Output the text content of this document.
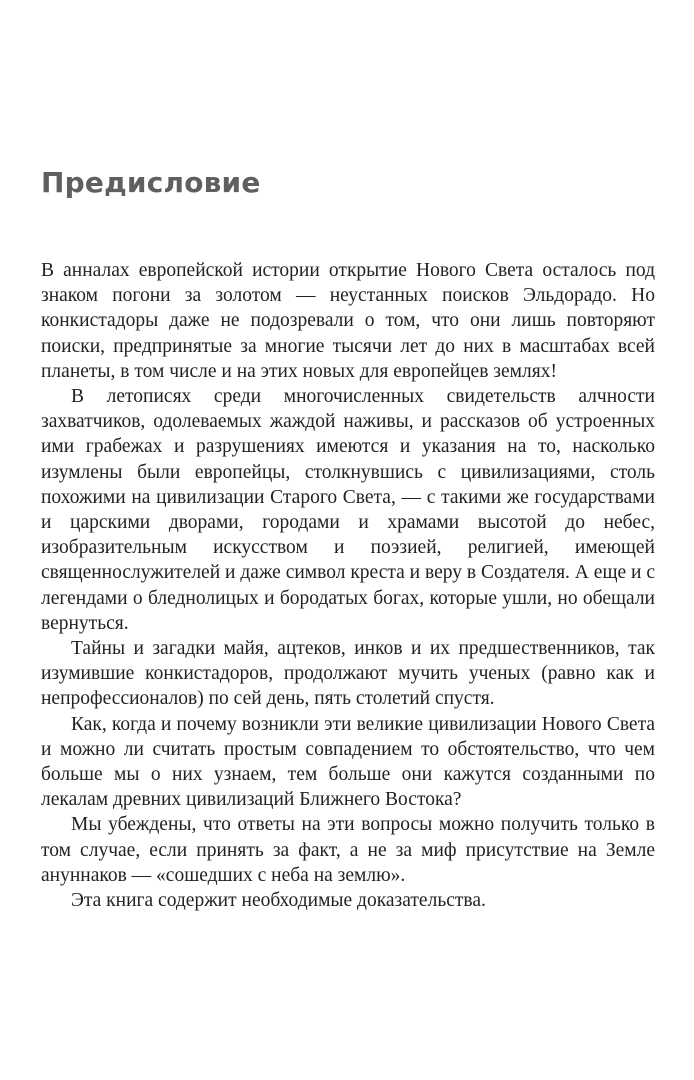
Предисловие

В анналах европейской истории открытие Нового Света осталось под знаком погони за золотом — неустанных поисков Эльдорадо. Но конкистадоры даже не подозревали о том, что они лишь повторяют поиски, предпринятые за многие тысячи лет до них в масштабах всей планеты, в том числе и на этих новых для европейцев землях!

В летописях среди многочисленных свидетельств алчности захватчиков, одолеваемых жаждой наживы, и рассказов об устроенных ими грабежах и разрушениях имеются и указания на то, насколько изумлены были европейцы, столкнувшись с цивилизациями, столь похожими на цивилизации Старого Света, — с такими же государствами и царскими дворами, городами и храмами высотой до небес, изобразительным искусством и поэзией, религией, имеющей священнослужителей и даже символ креста и веру в Создателя. А еще и с легендами о бледнолицых и бородатых богах, которые ушли, но обещали вернуться.

Тайны и загадки майя, ацтеков, инков и их предшественников, так изумившие конкистадоров, продолжают мучить ученых (равно как и непрофессионалов) по сей день, пять столетий спустя.

Как, когда и почему возникли эти великие цивилизации Нового Света и можно ли считать простым совпадением то обстоятельство, что чем больше мы о них узнаем, тем больше они кажутся созданными по лекалам древних цивилизаций Ближнего Востока?

Мы убеждены, что ответы на эти вопросы можно получить только в том случае, если принять за факт, а не за миф присутствие на Земле ануннаков — «сошедших с неба на землю».

Эта книга содержит необходимые доказательства.
